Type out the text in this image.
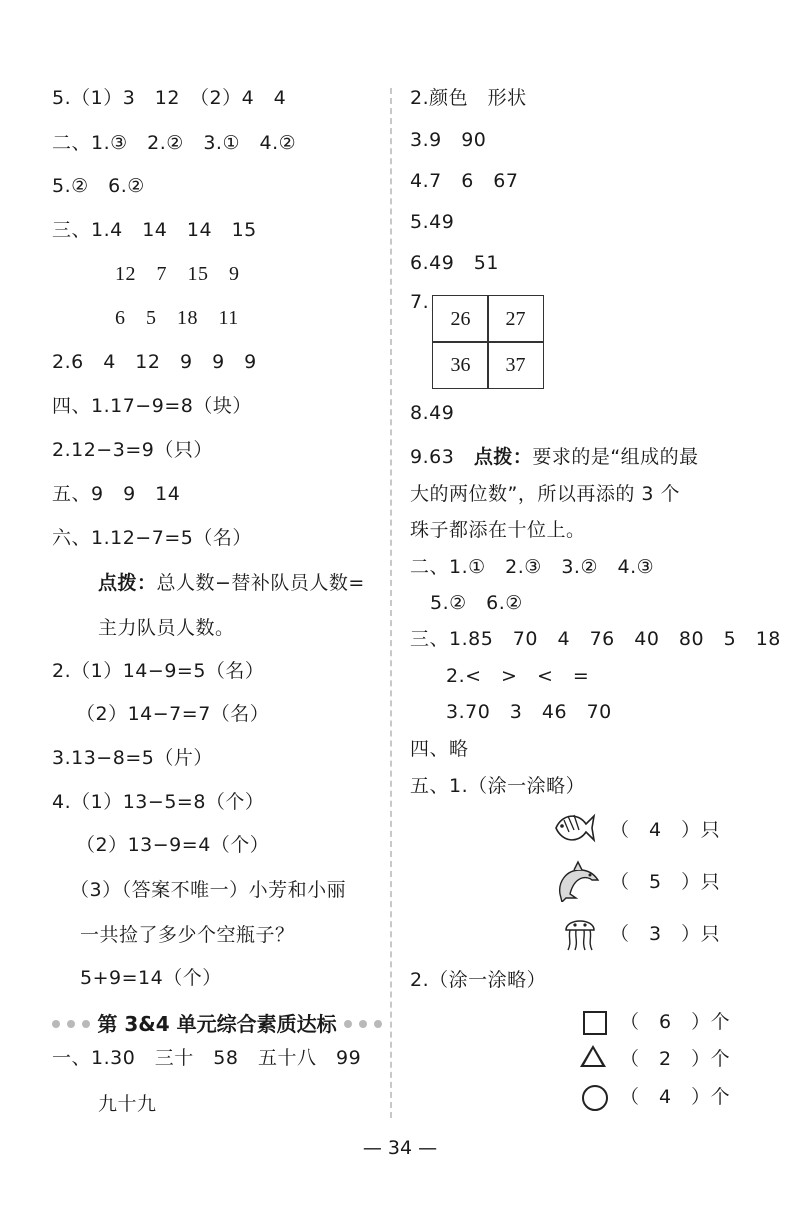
5.（1）3　12　（2）4　4
二、1.③　2.②　3.①　4.②
5.②　6.②
三、1.4　14　14　15
12　7　15　9
6　5　18　11
2.6　4　12　9　9　9
四、1.17−9=8（块）
2.12−3=9（只）
五、9　9　14
六、1.12−7=5（名）
点拨：总人数−替补队员人数=
主力队员人数。
2.（1）14−9=5（名）
（2）14−7=7（名）
3.13−8=5（片）
4.（1）13−5=8（个）
（2）13−9=4（个）
（3）（答案不唯一）小芳和小丽
一共捡了多少个空瓶子？
5+9=14（个）
第 3&4 单元综合素质达标
一、1.30　三十　58　五十八　99
九十九
2.颜色　形状
3.9　90
4.7　6　67
5.49
6.49　51
7.
26	27
36	37
8.49
9.63　点拨：要求的是“组成的最
大的两位数”，所以再添的 3 个
珠子都添在十位上。
二、1.①　2.③　3.②　4.③
5.②　6.②
三、1.85　70　4　76　40　80　5　18
2.<　>　<　=
3.70　3　46　70
四、略
五、1.（涂一涂略）
（　4　）只
（　5　）只
（　3　）只
2.（涂一涂略）
（　6　）个
（　2　）个
（　4　）个
— 34 —
